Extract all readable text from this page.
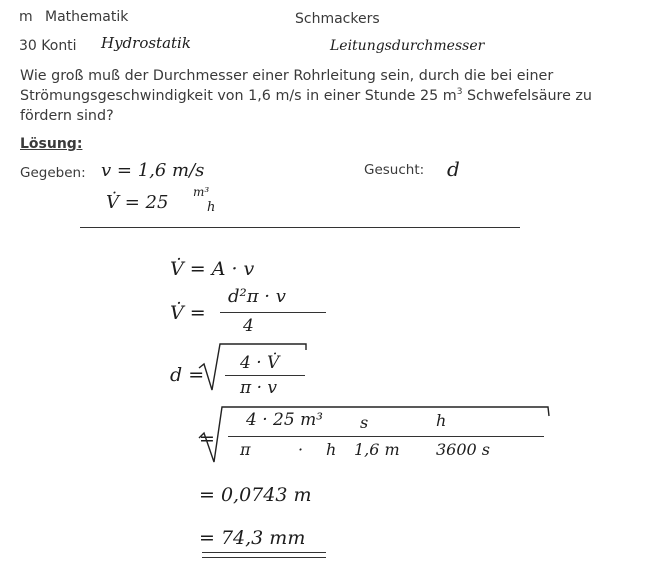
m Mathematik	Schmackers
30 Konti Hydrostatik	Leitungsdurchmesser
Wie groß muß der Durchmesser einer Rohrleitung sein, durch die bei einer
Strömungsgeschwindigkeit von 1,6 m/s in einer Stunde 25 $m^3$ Schwefelsäure zu
fördern sind?
Lösung:
Gegeben: v = 1,6 m/s
V̇ = 25 m³
h
Gesucht: d
V̇ = A · v
V̇ =
d²π · v
4
d =
4 · V̇
π · v
=
4 · 25 m³ s	h
π	· h 1,6 m 3600 s
= 0,0743 m
= 74,3 mm
